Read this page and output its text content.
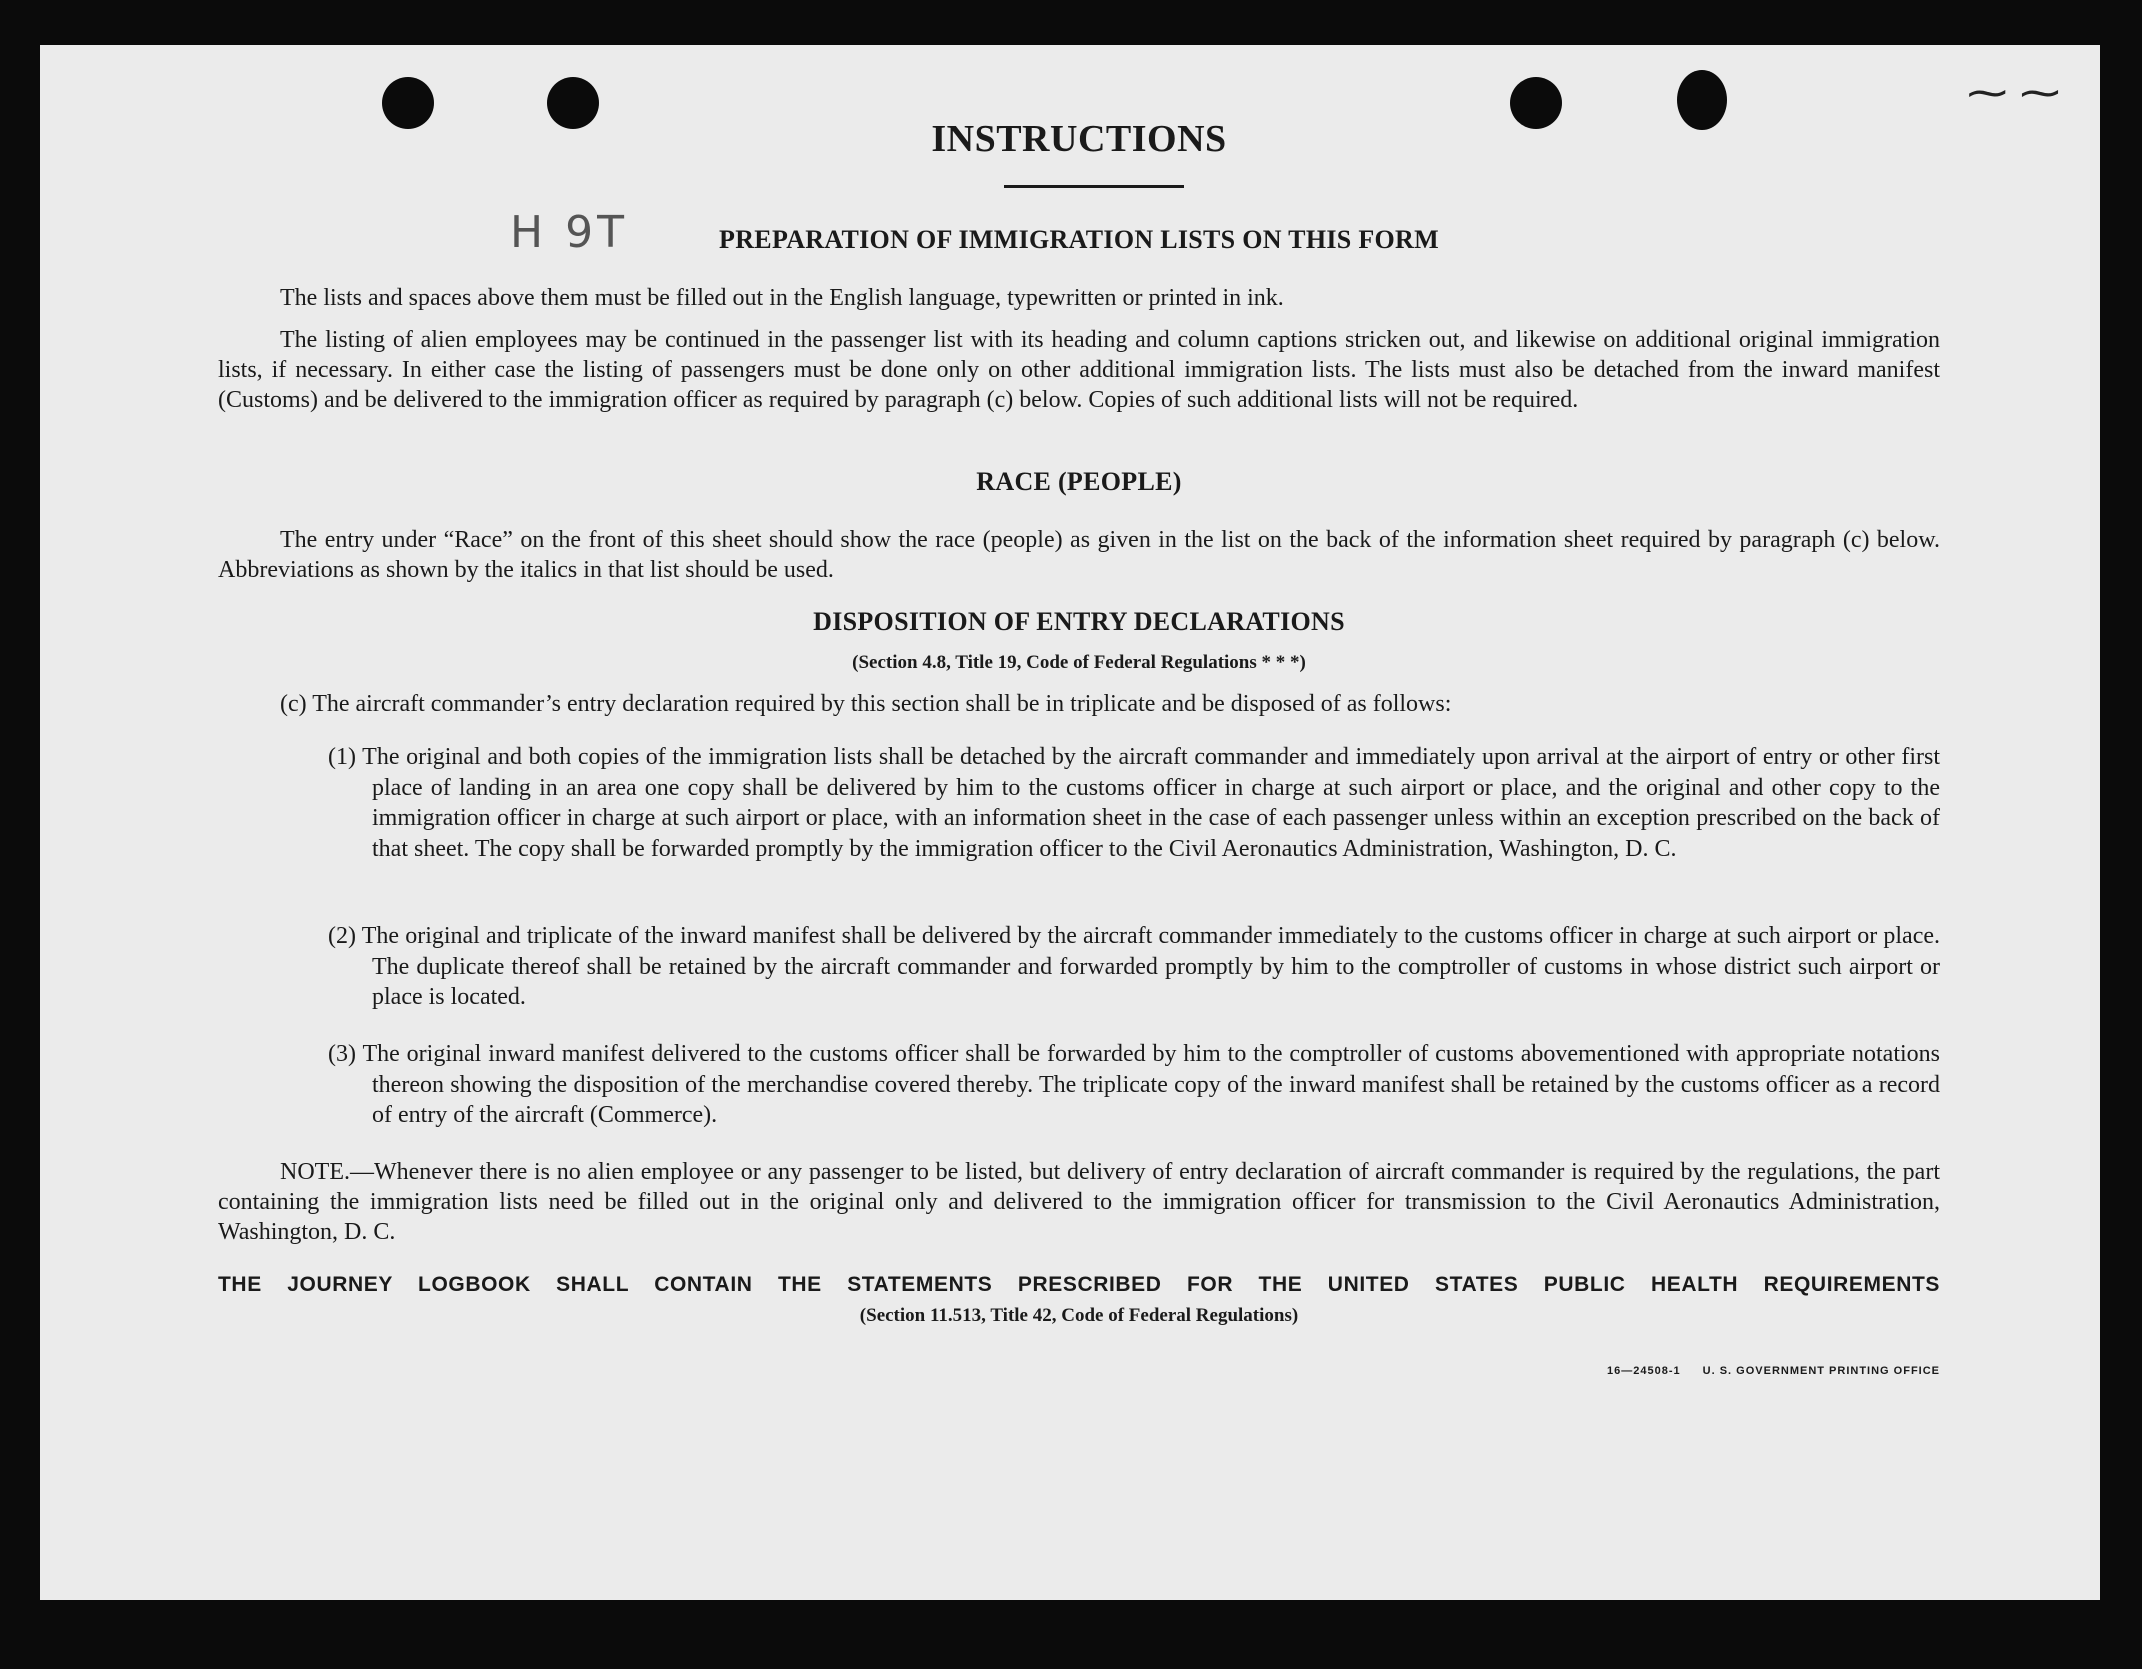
H 9T
⁓ ⁓
INSTRUCTIONS
PREPARATION OF IMMIGRATION LISTS ON THIS FORM

The lists and spaces above them must be filled out in the English language, typewritten or printed in ink.

The listing of alien employees may be continued in the passenger list with its heading and column captions stricken out, and likewise on additional original immigration lists, if necessary. In either case the listing of passengers must be done only on other additional immigration lists. The lists must also be detached from the inward manifest (Customs) and be delivered to the immigration officer as required by paragraph (c) below. Copies of such additional lists will not be required.

RACE (PEOPLE)

The entry under “Race” on the front of this sheet should show the race (people) as given in the list on the back of the information sheet required by paragraph (c) below. Abbreviations as shown by the italics in that list should be used.

DISPOSITION OF ENTRY DECLARATIONS

(Section 4.8, Title 19, Code of Federal Regulations * * *)

(c) The aircraft commander’s entry declaration required by this section shall be in triplicate and be disposed of as follows:

(1) The original and both copies of the immigration lists shall be detached by the aircraft commander and immediately upon arrival at the airport of entry or other first place of landing in an area one copy shall be delivered by him to the customs officer in charge at such airport or place, and the original and other copy to the immigration officer in charge at such airport or place, with an information sheet in the case of each passenger unless within an exception prescribed on the back of that sheet. The copy shall be forwarded promptly by the immigration officer to the Civil Aeronautics Administration, Washington, D. C.

(2) The original and triplicate of the inward manifest shall be delivered by the aircraft commander immediately to the customs officer in charge at such airport or place. The duplicate thereof shall be retained by the aircraft commander and forwarded promptly by him to the comptroller of customs in whose district such airport or place is located.

(3) The original inward manifest delivered to the customs officer shall be forwarded by him to the comptroller of customs abovementioned with appropriate notations thereon showing the disposition of the merchandise covered thereby. The triplicate copy of the inward manifest shall be retained by the customs officer as a record of entry of the aircraft (Commerce).

NOTE.—Whenever there is no alien employee or any passenger to be listed, but delivery of entry declaration of aircraft commander is required by the regulations, the part containing the immigration lists need be filled out in the original only and delivered to the immigration officer for transmission to the Civil Aeronautics Administration, Washington, D. C.

THE JOURNEY LOGBOOK SHALL CONTAIN THE STATEMENTS PRESCRIBED FOR THE UNITED STATES PUBLIC HEALTH REQUIREMENTS

(Section 11.513, Title 42, Code of Federal Regulations)

16—24508-1 U. S. GOVERNMENT PRINTING OFFICE
